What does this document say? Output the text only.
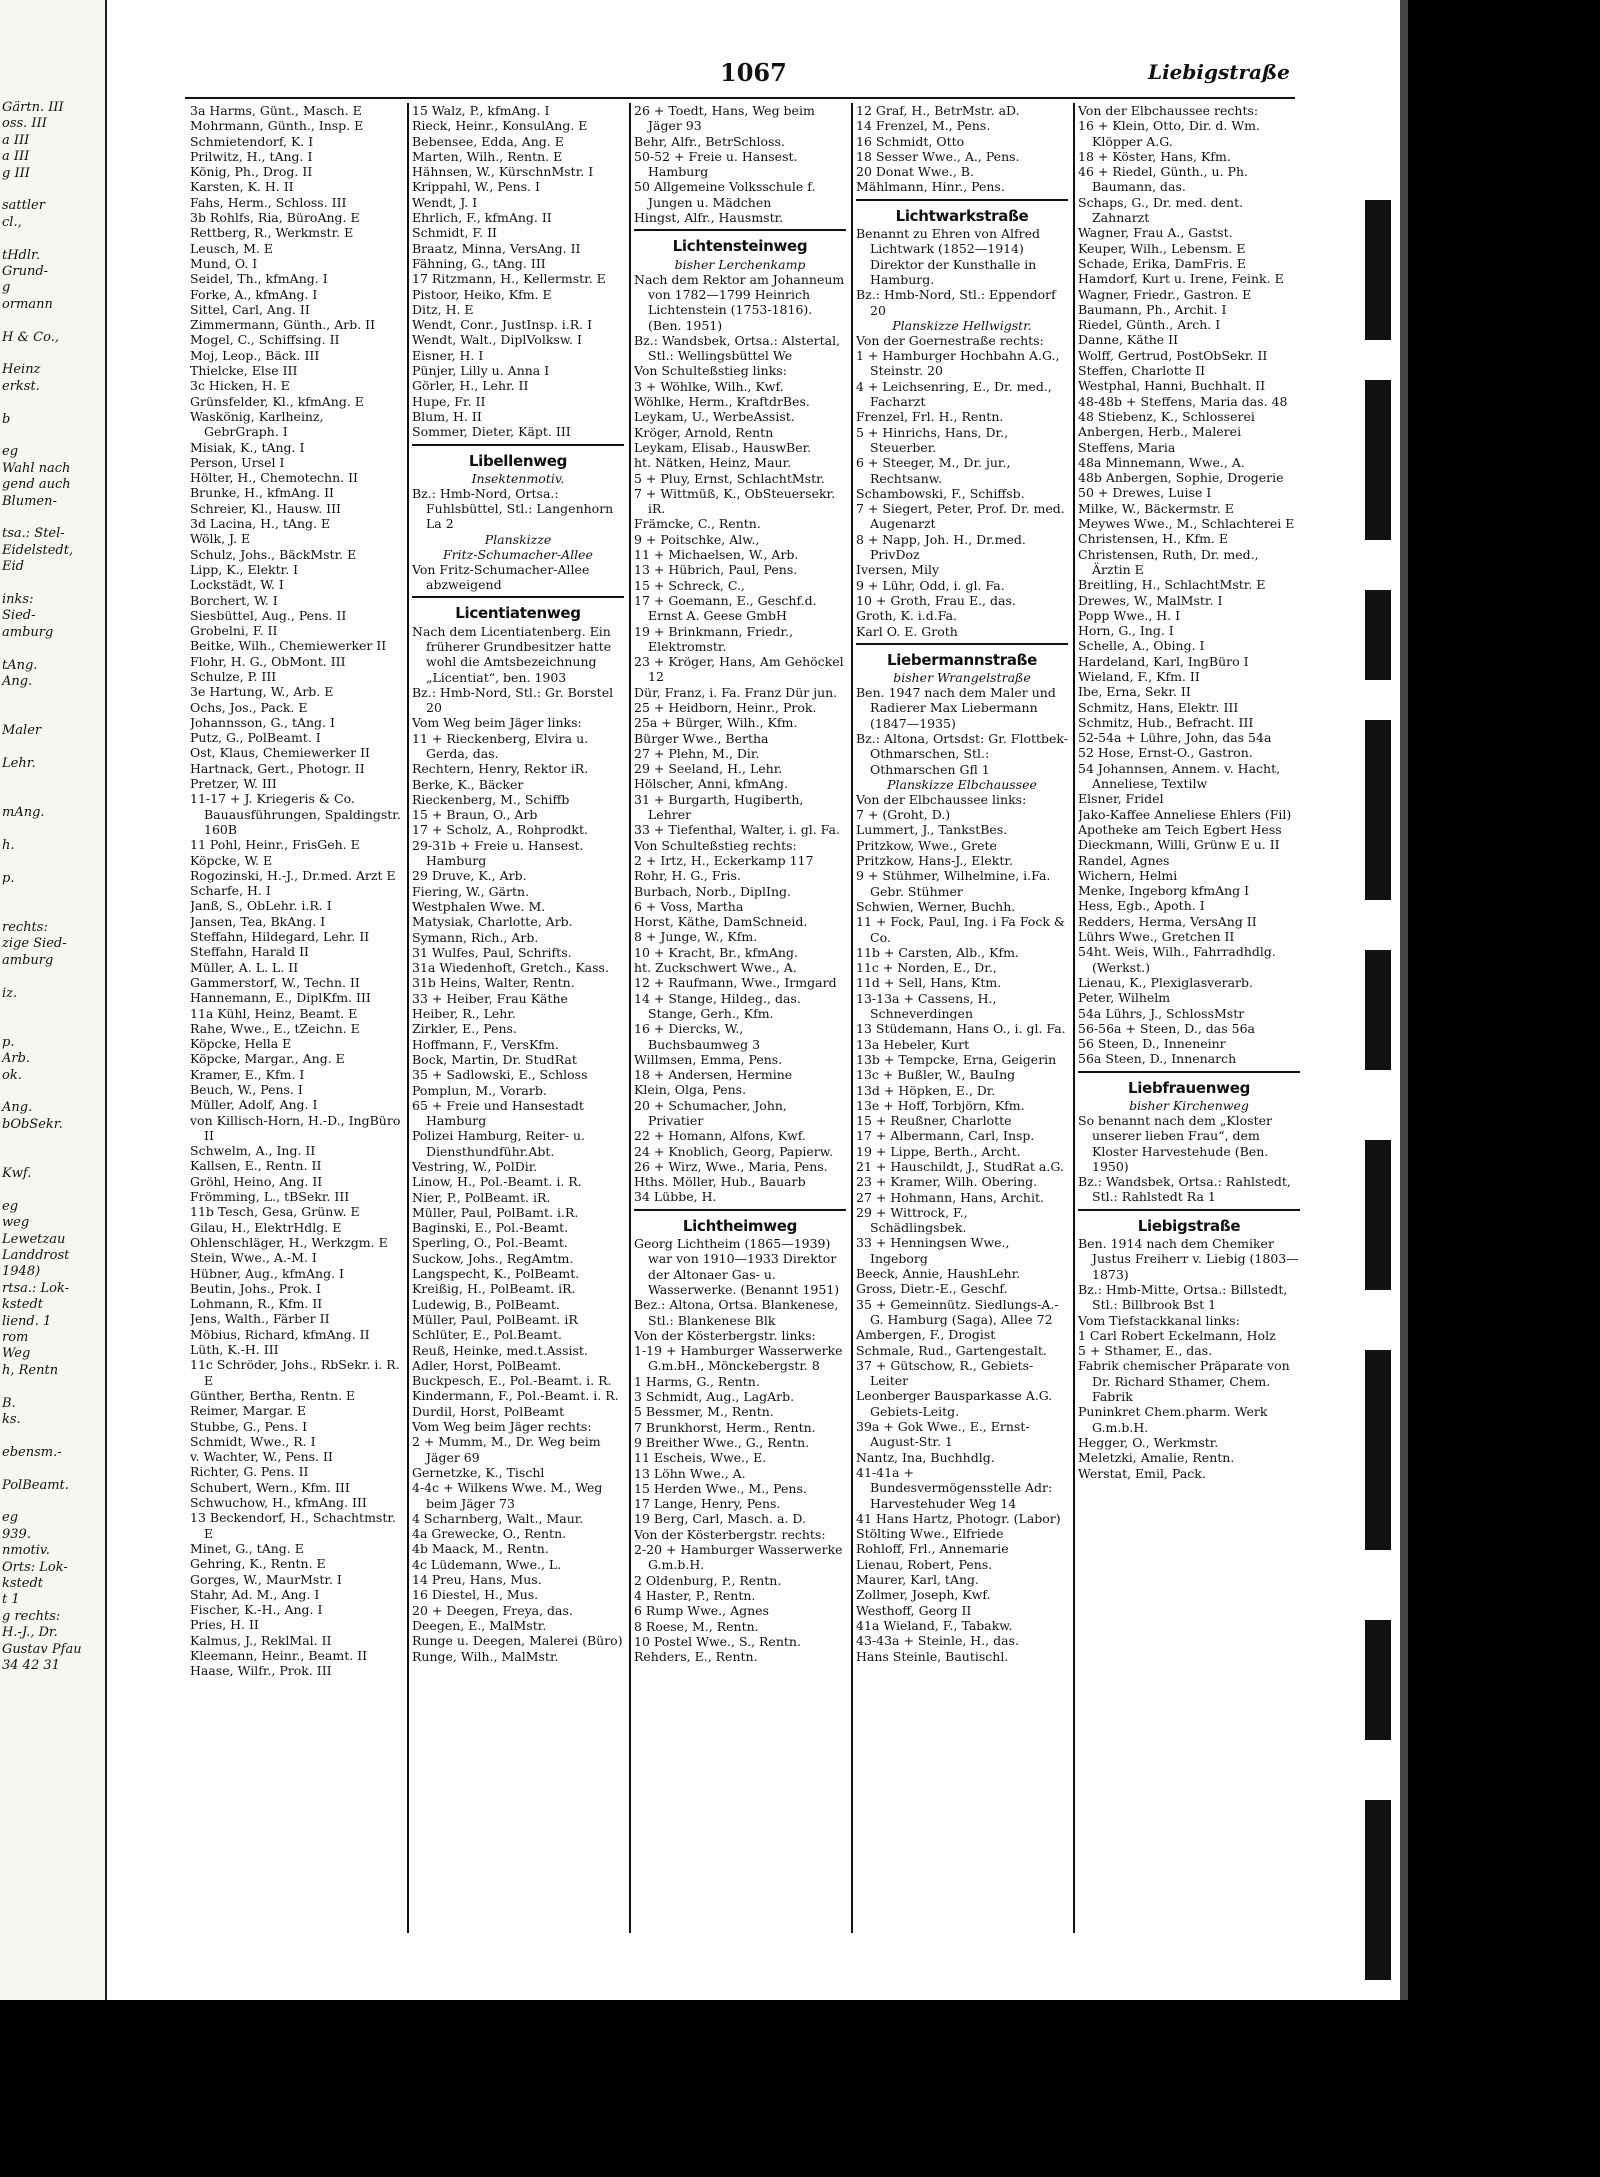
Gärtn. III
oss. III
a III
a III
g III
sattler
cl.,
tHdlr.
Grund-
g
ormann
H & Co.,
Heinz
erkst.
b
eg
Wahl nach
gend auch
Blumen-
tsa.: Stel-
Eidelstedt,
Eid
inks:
Sied-
amburg
tAng.
Ang.
Maler
Lehr.
mAng.
h.
p.
rechts:
zige Sied-
amburg
iz.
p.
Arb.
ok.
Ang.
bObSekr.
Kwf.
eg
weg
Lewetzau
Landdrost
1948)
rtsa.: Lok-
kstedt
liend. 1
rom
Weg
h, Rentn
B.
ks.
ebensm.-
PolBeamt.
eg
939.
nmotiv.
Orts: Lok-
kstedt
t 1
g rechts:
H.-J., Dr.
Gustav Pfau
34 42 31
1067	Liebigstraße

3a Harms, Günt., Masch. E

Mohrmann, Günth., Insp. E

Schmietendorf, K. I

Prilwitz, H., tAng. I

König, Ph., Drog. II

Karsten, K. H. II

Fahs, Herm., Schloss. III

3b Rohlfs, Ria, BüroAng. E

Rettberg, R., Werkmstr. E

Leusch, M. E

Mund, O. I

Seidel, Th., kfmAng. I

Forke, A., kfmAng. I

Sittel, Carl, Ang. II

Zimmermann, Günth., Arb. II

Mogel, C., Schiffsing. II

Moj, Leop., Bäck. III

Thielcke, Else III

3c Hicken, H. E

Grünsfelder, Kl., kfmAng. E

Waskönig, Karlheinz, GebrGraph. I

Misiak, K., tAng. I

Person, Ursel I

Hölter, H., Chemotechn. II

Brunke, H., kfmAng. II

Schreier, Kl., Hausw. III

3d Lacina, H., tAng. E

Wölk, J. E

Schulz, Johs., BäckMstr. E

Lipp, K., Elektr. I

Lockstädt, W. I

Borchert, W. I

Siesbüttel, Aug., Pens. II

Grobelni, F. II

Beitke, Wilh., Chemiewerker II

Flohr, H. G., ObMont. III

Schulze, P. III

3e Hartung, W., Arb. E

Ochs, Jos., Pack. E

Johannsson, G., tAng. I

Putz, G., PolBeamt. I

Ost, Klaus, Chemiewerker II

Hartnack, Gert., Photogr. II

Pretzer, W. III

11-17 + J. Kriegeris & Co. Bauausführungen, Spaldingstr. 160B

11 Pohl, Heinr., FrisGeh. E

Köpcke, W. E

Rogozinski, H.-J., Dr.med. Arzt E

Scharfe, H. I

Janß, S., ObLehr. i.R. I

Jansen, Tea, BkAng. I

Steffahn, Hildegard, Lehr. II

Steffahn, Harald II

Müller, A. L. L. II

Gammerstorf, W., Techn. II

Hannemann, E., DiplKfm. III

11a Kühl, Heinz, Beamt. E

Rahe, Wwe., E., tZeichn. E

Köpcke, Hella E

Köpcke, Margar., Ang. E

Kramer, E., Kfm. I

Beuch, W., Pens. I

Müller, Adolf, Ang. I

von Killisch-Horn, H.-D., IngBüro II

Schwelm, A., Ing. II

Kallsen, E., Rentn. II

Gröhl, Heino, Ang. II

Frömming, L., tBSekr. III

11b Tesch, Gesa, Grünw. E

Gilau, H., ElektrHdlg. E

Ohlenschläger, H., Werkzgm. E

Stein, Wwe., A.-M. I

Hübner, Aug., kfmAng. I

Beutin, Johs., Prok. I

Lohmann, R., Kfm. II

Jens, Walth., Färber II

Möbius, Richard, kfmAng. II

Lüth, K.-H. III

11c Schröder, Johs., RbSekr. i. R. E

Günther, Bertha, Rentn. E

Reimer, Margar. E

Stubbe, G., Pens. I

Schmidt, Wwe., R. I

v. Wachter, W., Pens. II

Richter, G. Pens. II

Schubert, Wern., Kfm. III

Schwuchow, H., kfmAng. III

13 Beckendorf, H., Schachtmstr. E

Minet, G., tAng. E

Gehring, K., Rentn. E

Gorges, W., MaurMstr. I

Stahr, Ad. M., Ang. I

Fischer, K.-H., Ang. I

Pries, H. II

Kalmus, J., ReklMal. II

Kleemann, Heinr., Beamt. II

Haase, Wilfr., Prok. III

15 Walz, P., kfmAng. I

Rieck, Heinr., KonsulAng. E

Bebensee, Edda, Ang. E

Marten, Wilh., Rentn. E

Hähnsen, W., KürschnMstr. I

Krippahl, W., Pens. I

Wendt, J. I

Ehrlich, F., kfmAng. II

Schmidt, F. II

Braatz, Minna, VersAng. II

Fähning, G., tAng. III

17 Ritzmann, H., Kellermstr. E

Pistoor, Heiko, Kfm. E

Ditz, H. E

Wendt, Conr., JustInsp. i.R. I

Wendt, Walt., DiplVolksw. I

Eisner, H. I

Pünjer, Lilly u. Anna I

Görler, H., Lehr. II

Hupe, Fr. II

Blum, H. II

Sommer, Dieter, Käpt. III

Libellenweg
Insektenmotiv.

Bz.: Hmb-Nord, Ortsa.: Fuhlsbüttel, Stl.: Langenhorn La 2

Planskizze
Fritz-Schumacher-Allee

Von Fritz-Schumacher-Allee abzweigend

Licentiatenweg

Nach dem Licentiatenberg. Ein früherer Grundbesitzer hatte wohl die Amtsbezeichnung „Licentiat“, ben. 1903

Bz.: Hmb-Nord, Stl.: Gr. Borstel 20

Vom Weg beim Jäger links:

11 + Rieckenberg, Elvira u. Gerda, das.

Rechtern, Henry, Rektor iR.

Berke, K., Bäcker

Rieckenberg, M., Schiffb

15 + Braun, O., Arb

17 + Scholz, A., Rohprodkt.

29-31b + Freie u. Hansest. Hamburg

29 Druve, K., Arb.

Fiering, W., Gärtn.

Westphalen Wwe. M.

Matysiak, Charlotte, Arb.

Symann, Rich., Arb.

31 Wulfes, Paul, Schrifts.

31a Wiedenhoft, Gretch., Kass.

31b Heins, Walter, Rentn.

33 + Heiber, Frau Käthe

Heiber, R., Lehr.

Zirkler, E., Pens.

Hoffmann, F., VersKfm.

Bock, Martin, Dr. StudRat

35 + Sadlowski, E., Schloss

Pomplun, M., Vorarb.

65 + Freie und Hansestadt Hamburg

Polizei Hamburg, Reiter- u. Diensthundführ.Abt.

Vestring, W., PolDir.

Linow, H., Pol.-Beamt. i. R.

Nier, P., PolBeamt. iR.

Müller, Paul, PolBamt. i.R.

Baginski, E., Pol.-Beamt.

Sperling, O., Pol.-Beamt.

Suckow, Johs., RegAmtm.

Langspecht, K., PolBeamt.

Kreißig, H., PolBeamt. iR.

Ludewig, B., PolBeamt.

Müller, Paul, PolBeamt. iR

Schlüter, E., Pol.Beamt.

Reuß, Heinke, med.t.Assist.

Adler, Horst, PolBeamt.

Buckpesch, E., Pol.-Beamt. i. R.

Kindermann, F., Pol.-Beamt. i. R.

Durdil, Horst, PolBeamt

Vom Weg beim Jäger rechts:

2 + Mumm, M., Dr. Weg beim Jäger 69

Gernetzke, K., Tischl

4-4c + Wilkens Wwe. M., Weg beim Jäger 73

4 Scharnberg, Walt., Maur.

4a Grewecke, O., Rentn.

4b Maack, M., Rentn.

4c Lüdemann, Wwe., L.

14 Preu, Hans, Mus.

16 Diestel, H., Mus.

20 + Deegen, Freya, das.

Deegen, E., MalMstr.

Runge u. Deegen, Malerei (Büro)

Runge, Wilh., MalMstr.

26 + Toedt, Hans, Weg beim Jäger 93

Behr, Alfr., BetrSchloss.

50-52 + Freie u. Hansest. Hamburg

50 Allgemeine Volksschule f. Jungen u. Mädchen

Hingst, Alfr., Hausmstr.

Lichtensteinweg
bisher Lerchenkamp

Nach dem Rektor am Johanneum von 1782—1799 Heinrich Lichtenstein (1753-1816). (Ben. 1951)

Bz.: Wandsbek, Ortsa.: Alstertal, Stl.: Wellingsbüttel We

Von Schulteßstieg links:

3 + Wöhlke, Wilh., Kwf.

Wöhlke, Herm., KraftdrBes.

Leykam, U., WerbeAssist.

Kröger, Arnold, Rentn

Leykam, Elisab., HauswBer.

ht. Nätken, Heinz, Maur.

5 + Pluy, Ernst, SchlachtMstr.

7 + Wittmüß, K., ObSteuersekr. iR.

Främcke, C., Rentn.

9 + Poitschke, Alw.,

11 + Michaelsen, W., Arb.

13 + Hübrich, Paul, Pens.

15 + Schreck, C.,

17 + Goemann, E., Geschf.d. Ernst A. Geese GmbH

19 + Brinkmann, Friedr., Elektromstr.

23 + Kröger, Hans, Am Gehöckel 12

Dür, Franz, i. Fa. Franz Dür jun.

25 + Heidborn, Heinr., Prok.

25a + Bürger, Wilh., Kfm.

Bürger Wwe., Bertha

27 + Plehn, M., Dir.

29 + Seeland, H., Lehr.

Hölscher, Anni, kfmAng.

31 + Burgarth, Hugiberth, Lehrer

33 + Tiefenthal, Walter, i. gl. Fa.

Von Schulteßstieg rechts:

2 + Irtz, H., Eckerkamp 117

Rohr, H. G., Fris.

Burbach, Norb., DiplIng.

6 + Voss, Martha

Horst, Käthe, DamSchneid.

8 + Junge, W., Kfm.

10 + Kracht, Br., kfmAng.

ht. Zuckschwert Wwe., A.

12 + Raufmann, Wwe., Irmgard

14 + Stange, Hildeg., das. Stange, Gerh., Kfm.

16 + Diercks, W., Buchsbaumweg 3

Willmsen, Emma, Pens.

18 + Andersen, Hermine

Klein, Olga, Pens.

20 + Schumacher, John, Privatier

22 + Homann, Alfons, Kwf.

24 + Knoblich, Georg, Papierw.

26 + Wirz, Wwe., Maria, Pens.

Hths. Möller, Hub., Bauarb

34 Lübbe, H.

Lichtheimweg

Georg Lichtheim (1865—1939) war von 1910—1933 Direktor der Altonaer Gas- u. Wasserwerke. (Benannt 1951)

Bez.: Altona, Ortsa. Blankenese, Stl.: Blankenese Blk

Von der Kösterbergstr. links:

1-19 + Hamburger Wasserwerke G.m.bH., Mönckebergstr. 8

1 Harms, G., Rentn.

3 Schmidt, Aug., LagArb.

5 Bessmer, M., Rentn.

7 Brunkhorst, Herm., Rentn.

9 Breither Wwe., G., Rentn.

11 Escheis, Wwe., E.

13 Löhn Wwe., A.

15 Herden Wwe., M., Pens.

17 Lange, Henry, Pens.

19 Berg, Carl, Masch. a. D.

Von der Kösterbergstr. rechts:

2-20 + Hamburger Wasserwerke G.m.b.H.

2 Oldenburg, P., Rentn.

4 Haster, P., Rentn.

6 Rump Wwe., Agnes

8 Roese, M., Rentn.

10 Postel Wwe., S., Rentn.

Rehders, E., Rentn.

12 Graf, H., BetrMstr. aD.

14 Frenzel, M., Pens.

16 Schmidt, Otto

18 Sesser Wwe., A., Pens.

20 Donat Wwe., B.

Mählmann, Hinr., Pens.

Lichtwarkstraße

Benannt zu Ehren von Alfred Lichtwark (1852—1914) Direktor der Kunsthalle in Hamburg.

Bz.: Hmb-Nord, Stl.: Eppendorf 20

Planskizze Hellwigstr.

Von der Goernestraße rechts:

1 + Hamburger Hochbahn A.G., Steinstr. 20

4 + Leichsenring, E., Dr. med., Facharzt

Frenzel, Frl. H., Rentn.

5 + Hinrichs, Hans, Dr., Steuerber.

6 + Steeger, M., Dr. jur., Rechtsanw.

Schambowski, F., Schiffsb.

7 + Siegert, Peter, Prof. Dr. med. Augenarzt

8 + Napp, Joh. H., Dr.med. PrivDoz

Iversen, Mily

9 + Lühr, Odd, i. gl. Fa.

10 + Groth, Frau E., das.

Groth, K. i.d.Fa.

Karl O. E. Groth

Liebermannstraße
bisher Wrangelstraße

Ben. 1947 nach dem Maler und Radierer Max Liebermann (1847—1935)

Bz.: Altona, Ortsdst: Gr. Flottbek-Othmarschen, Stl.: Othmarschen Gfl 1

Planskizze Elbchaussee

Von der Elbchaussee links:

7 + (Groht, D.)

Lummert, J., TankstBes.

Pritzkow, Wwe., Grete

Pritzkow, Hans-J., Elektr.

9 + Stühmer, Wilhelmine, i.Fa. Gebr. Stühmer

Schwien, Werner, Buchh.

11 + Fock, Paul, Ing. i Fa Fock & Co.

11b + Carsten, Alb., Kfm.

11c + Norden, E., Dr.,

11d + Sell, Hans, Ktm.

13-13a + Cassens, H., Schneverdingen

13 Stüdemann, Hans O., i. gl. Fa.

13a Hebeler, Kurt

13b + Tempcke, Erna, Geigerin

13c + Bußler, W., BauIng

13d + Höpken, E., Dr.

13e + Hoff, Torbjörn, Kfm.

15 + Reußner, Charlotte

17 + Albermann, Carl, Insp.

19 + Lippe, Berth., Archt.

21 + Hauschildt, J., StudRat a.G.

23 + Kramer, Wilh. Obering.

27 + Hohmann, Hans, Archit.

29 + Wittrock, F., Schädlingsbek.

33 + Henningsen Wwe., Ingeborg

Beeck, Annie, HaushLehr.

Gross, Dietr.-E., Geschf.

35 + Gemeinnütz. Siedlungs-A.-G. Hamburg (Saga), Allee 72

Ambergen, F., Drogist

Schmale, Rud., Gartengestalt.

37 + Gütschow, R., Gebiets-Leiter

Leonberger Bausparkasse A.G. Gebiets-Leitg.

39a + Gok Wwe., E., Ernst-August-Str. 1

Nantz, Ina, Buchhdlg.

41-41a + Bundesvermögensstelle Adr: Harvestehuder Weg 14

41 Hans Hartz, Photogr. (Labor)

Stölting Wwe., Elfriede

Rohloff, Frl., Annemarie

Lienau, Robert, Pens.

Maurer, Karl, tAng.

Zollmer, Joseph, Kwf.

Westhoff, Georg II

41a Wieland, F., Tabakw.

43-43a + Steinle, H., das.

Hans Steinle, Bautischl.

Von der Elbchaussee rechts:

16 + Klein, Otto, Dir. d. Wm. Klöpper A.G.

18 + Köster, Hans, Kfm.

46 + Riedel, Günth., u. Ph. Baumann, das.

Schaps, G., Dr. med. dent. Zahnarzt

Wagner, Frau A., Gastst.

Keuper, Wilh., Lebensm. E

Schade, Erika, DamFris. E

Hamdorf, Kurt u. Irene, Feink. E

Wagner, Friedr., Gastron. E

Baumann, Ph., Archit. I

Riedel, Günth., Arch. I

Danne, Käthe II

Wolff, Gertrud, PostObSekr. II

Steffen, Charlotte II

Westphal, Hanni, Buchhalt. II

48-48b + Steffens, Maria das. 48

48 Stiebenz, K., Schlosserei

Anbergen, Herb., Malerei

Steffens, Maria

48a Minnemann, Wwe., A.

48b Anbergen, Sophie, Drogerie

50 + Drewes, Luise I

Milke, W., Bäckermstr. E

Meywes Wwe., M., Schlachterei E

Christensen, H., Kfm. E

Christensen, Ruth, Dr. med., Ärztin E

Breitling, H., SchlachtMstr. E

Drewes, W., MalMstr. I

Popp Wwe., H. I

Horn, G., Ing. I

Schelle, A., Obing. I

Hardeland, Karl, IngBüro I

Wieland, F., Kfm. II

Ibe, Erna, Sekr. II

Schmitz, Hans, Elektr. III

Schmitz, Hub., Befracht. III

52-54a + Lühre, John, das 54a

52 Hose, Ernst-O., Gastron.

54 Johannsen, Annem. v. Hacht, Anneliese, Textilw

Elsner, Fridel

Jako-Kaffee Anneliese Ehlers (Fil)

Apotheke am Teich Egbert Hess

Dieckmann, Willi, Grünw E u. II

Randel, Agnes

Wichern, Helmi

Menke, Ingeborg kfmAng I

Hess, Egb., Apoth. I

Redders, Herma, VersAng II

Lührs Wwe., Gretchen II

54ht. Weis, Wilh., Fahrradhdlg. (Werkst.)

Lienau, K., Plexiglasverarb.

Peter, Wilhelm

54a Lührs, J., SchlossMstr

56-56a + Steen, D., das 56a

56 Steen, D., Inneneinr

56a Steen, D., Innenarch

Liebfrauenweg
bisher Kirchenweg

So benannt nach dem „Kloster unserer lieben Frau“, dem Kloster Harvestehude (Ben. 1950)

Bz.: Wandsbek, Ortsa.: Rahlstedt, Stl.: Rahlstedt Ra 1

Liebigstraße

Ben. 1914 nach dem Chemiker Justus Freiherr v. Liebig (1803—1873)

Bz.: Hmb-Mitte, Ortsa.: Billstedt, Stl.: Billbrook Bst 1

Vom Tiefstackkanal links:

1 Carl Robert Eckelmann, Holz

5 + Sthamer, E., das.

Fabrik chemischer Präparate von Dr. Richard Sthamer, Chem. Fabrik

Puninkret Chem.pharm. Werk G.m.b.H.

Hegger, O., Werkmstr.

Meletzki, Amalie, Rentn.

Werstat, Emil, Pack.
